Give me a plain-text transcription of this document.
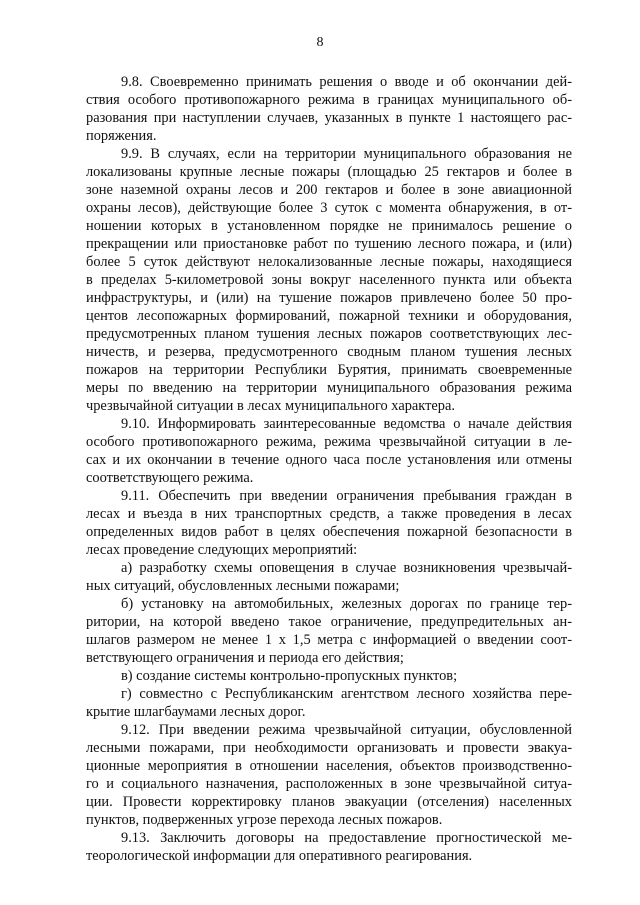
8
9.8. Своевременно принимать решения о вводе и об окончании дей-
ствия особого противопожарного режима в границах муниципального об-
разования при наступлении случаев, указанных в пункте 1 настоящего рас-
поряжения.
9.9. В случаях, если на территории муниципального образования не
локализованы крупные лесные пожары (площадью 25 гектаров и более в
зоне наземной охраны лесов и 200 гектаров и более в зоне авиационной
охраны лесов), действующие более 3 суток с момента обнаружения, в от-
ношении которых в установленном порядке не принималось решение о
прекращении или приостановке работ по тушению лесного пожара, и (или)
более 5 суток действуют нелокализованные лесные пожары, находящиеся
в пределах 5-километровой зоны вокруг населенного пункта или объекта
инфраструктуры, и (или) на тушение пожаров привлечено более 50 про-
центов лесопожарных формирований, пожарной техники и оборудования,
предусмотренных планом тушения лесных пожаров соответствующих лес-
ничеств, и резерва, предусмотренного сводным планом тушения лесных
пожаров на территории Республики Бурятия, принимать своевременные
меры по введению на территории муниципального образования режима
чрезвычайной ситуации в лесах муниципального характера.
9.10. Информировать заинтересованные ведомства о начале действия
особого противопожарного режима, режима чрезвычайной ситуации в ле-
сах и их окончании в течение одного часа после установления или отмены
соответствующего режима.
9.11. Обеспечить при введении ограничения пребывания граждан в
лесах и въезда в них транспортных средств, а также проведения в лесах
определенных видов работ в целях обеспечения пожарной безопасности в
лесах проведение следующих мероприятий:
а) разработку схемы оповещения в случае возникновения чрезвычай-
ных ситуаций, обусловленных лесными пожарами;
б) установку на автомобильных, железных дорогах по границе тер-
ритории, на которой введено такое ограничение, предупредительных ан-
шлагов размером не менее 1 х 1,5 метра с информацией о введении соот-
ветствующего ограничения и периода его действия;
в) создание системы контрольно-пропускных пунктов;
г) совместно с Республиканским агентством лесного хозяйства пере-
крытие шлагбаумами лесных дорог.
9.12. При введении режима чрезвычайной ситуации, обусловленной
лесными пожарами, при необходимости организовать и провести эвакуа-
ционные мероприятия в отношении населения, объектов производственно-
го и социального назначения, расположенных в зоне чрезвычайной ситуа-
ции. Провести корректировку планов эвакуации (отселения) населенных
пунктов, подверженных угрозе перехода лесных пожаров.
9.13. Заключить договоры на предоставление прогностической ме-
теорологической информации для оперативного реагирования.
